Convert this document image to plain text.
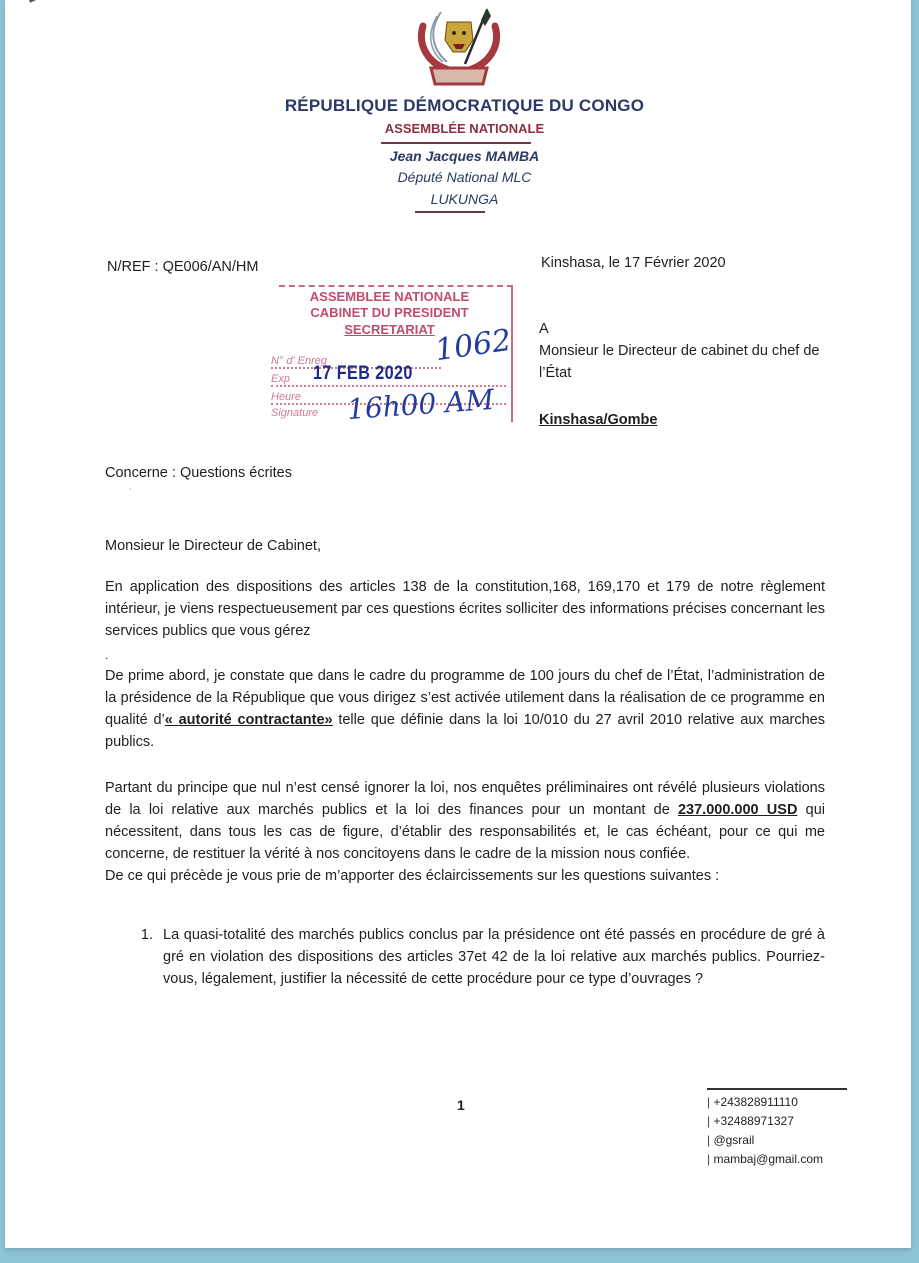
RÉPUBLIQUE DÉMOCRATIQUE DU CONGO
ASSEMBLÉE NATIONALE
Jean Jacques MAMBA
Député National MLC
LUKUNGA
N/REF : QE006/AN/HM	Kinshasa, le 17 Février 2020
A
Monsieur le Directeur de cabinet du chef de l’État
Kinshasa/Gombe
ASSEMBLEE NATIONALE
CABINET DU PRESIDENT
SECRETARIAT
N° d' Enreg
Exp
Heure
Signature
17 FEB 2020
1062
16h00 AM
Concerne : Questions écrites
ˈ
Monsieur le Directeur de Cabinet,
En application des dispositions des articles 138 de la constitution,168, 169,170 et 179 de notre règlement intérieur, je viens respectueusement par ces questions écrites solliciter des informations précises concernant les services publics que vous gérez
.
De prime abord, je constate que dans le cadre du programme de 100 jours du chef de l’État, l’administration de la présidence de la République que vous dirigez s’est activée utilement dans la réalisation de ce programme en qualité d’« autorité contractante» telle que définie dans la loi 10/010 du 27 avril 2010 relative aux marches publics.
Partant du principe que nul n’est censé ignorer la loi, nos enquêtes préliminaires ont révélé plusieurs violations de la loi relative aux marchés publics et la loi des finances pour un montant de 237.000.000 USD qui nécessitent, dans tous les cas de figure, d’établir des responsabilités et, le cas échéant, pour ce qui me concerne, de restituer la vérité à nos concitoyens dans le cadre de la mission nous confiée.
De ce qui précède je vous prie de m’apporter des éclaircissements sur les questions suivantes :
1. La quasi-totalité des marchés publics conclus par la présidence ont été passés en procédure de gré à gré en violation des dispositions des articles 37et 42 de la loi relative aux marchés publics. Pourriez-vous, légalement, justifier la nécessité de cette procédure pour ce type d’ouvrages ?
1	| +243828911110
| +32488971327
| @gsrail
| mambaj@gmail.com
